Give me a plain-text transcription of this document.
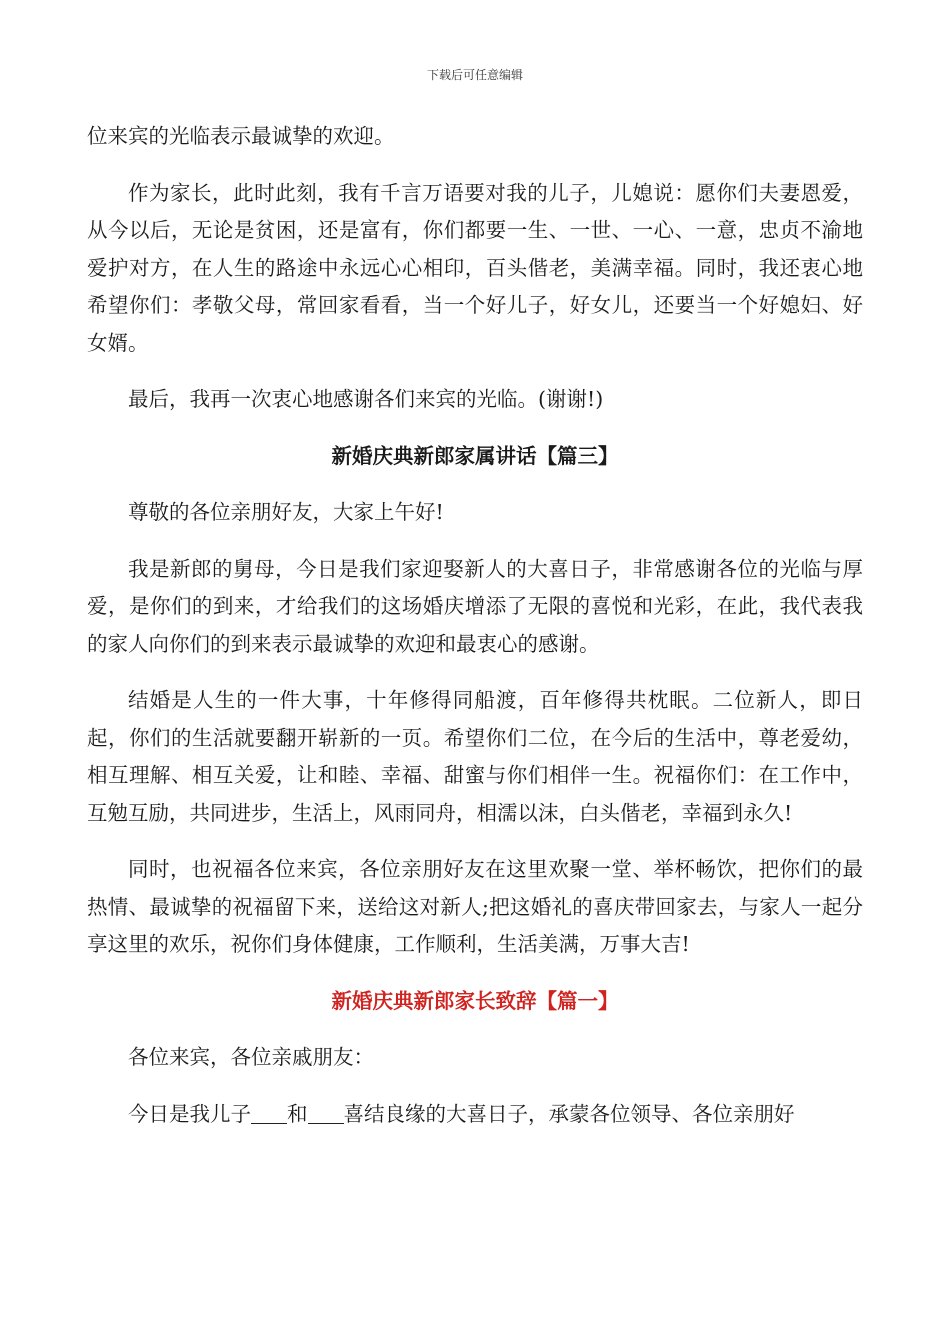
下载后可任意编辑

位来宾的光临表示最诚挚的欢迎。

作为家长，此时此刻，我有千言万语要对我的儿子，儿媳说：愿你们夫妻恩爱，从今以后，无论是贫困，还是富有，你们都要一生、一世、一心、一意，忠贞不渝地爱护对方，在人生的路途中永远心心相印，百头偕老，美满幸福。同时，我还衷心地希望你们：孝敬父母，常回家看看，当一个好儿子，好女儿，还要当一个好媳妇、好女婿。

最后，我再一次衷心地感谢各们来宾的光临。(谢谢!)

新婚庆典新郎家属讲话【篇三】

尊敬的各位亲朋好友，大家上午好!

我是新郎的舅母，今日是我们家迎娶新人的大喜日子，非常感谢各位的光临与厚爱，是你们的到来，才给我们的这场婚庆增添了无限的喜悦和光彩，在此，我代表我的家人向你们的到来表示最诚挚的欢迎和最衷心的感谢。

结婚是人生的一件大事，十年修得同船渡，百年修得共枕眠。二位新人，即日起，你们的生活就要翻开崭新的一页。希望你们二位，在今后的生活中，尊老爱幼，相互理解、相互关爱，让和睦、幸福、甜蜜与你们相伴一生。祝福你们：在工作中，互勉互励，共同进步，生活上，风雨同舟，相濡以沫，白头偕老，幸福到永久!

同时，也祝福各位来宾，各位亲朋好友在这里欢聚一堂、举杯畅饮，把你们的最热情、最诚挚的祝福留下来，送给这对新人;把这婚礼的喜庆带回家去，与家人一起分享这里的欢乐，祝你们身体健康，工作顺利，生活美满，万事大吉!

新婚庆典新郎家长致辞【篇一】

各位来宾，各位亲戚朋友：

今日是我儿子 和 喜结良缘的大喜日子，承蒙各位领导、各位亲朋好
